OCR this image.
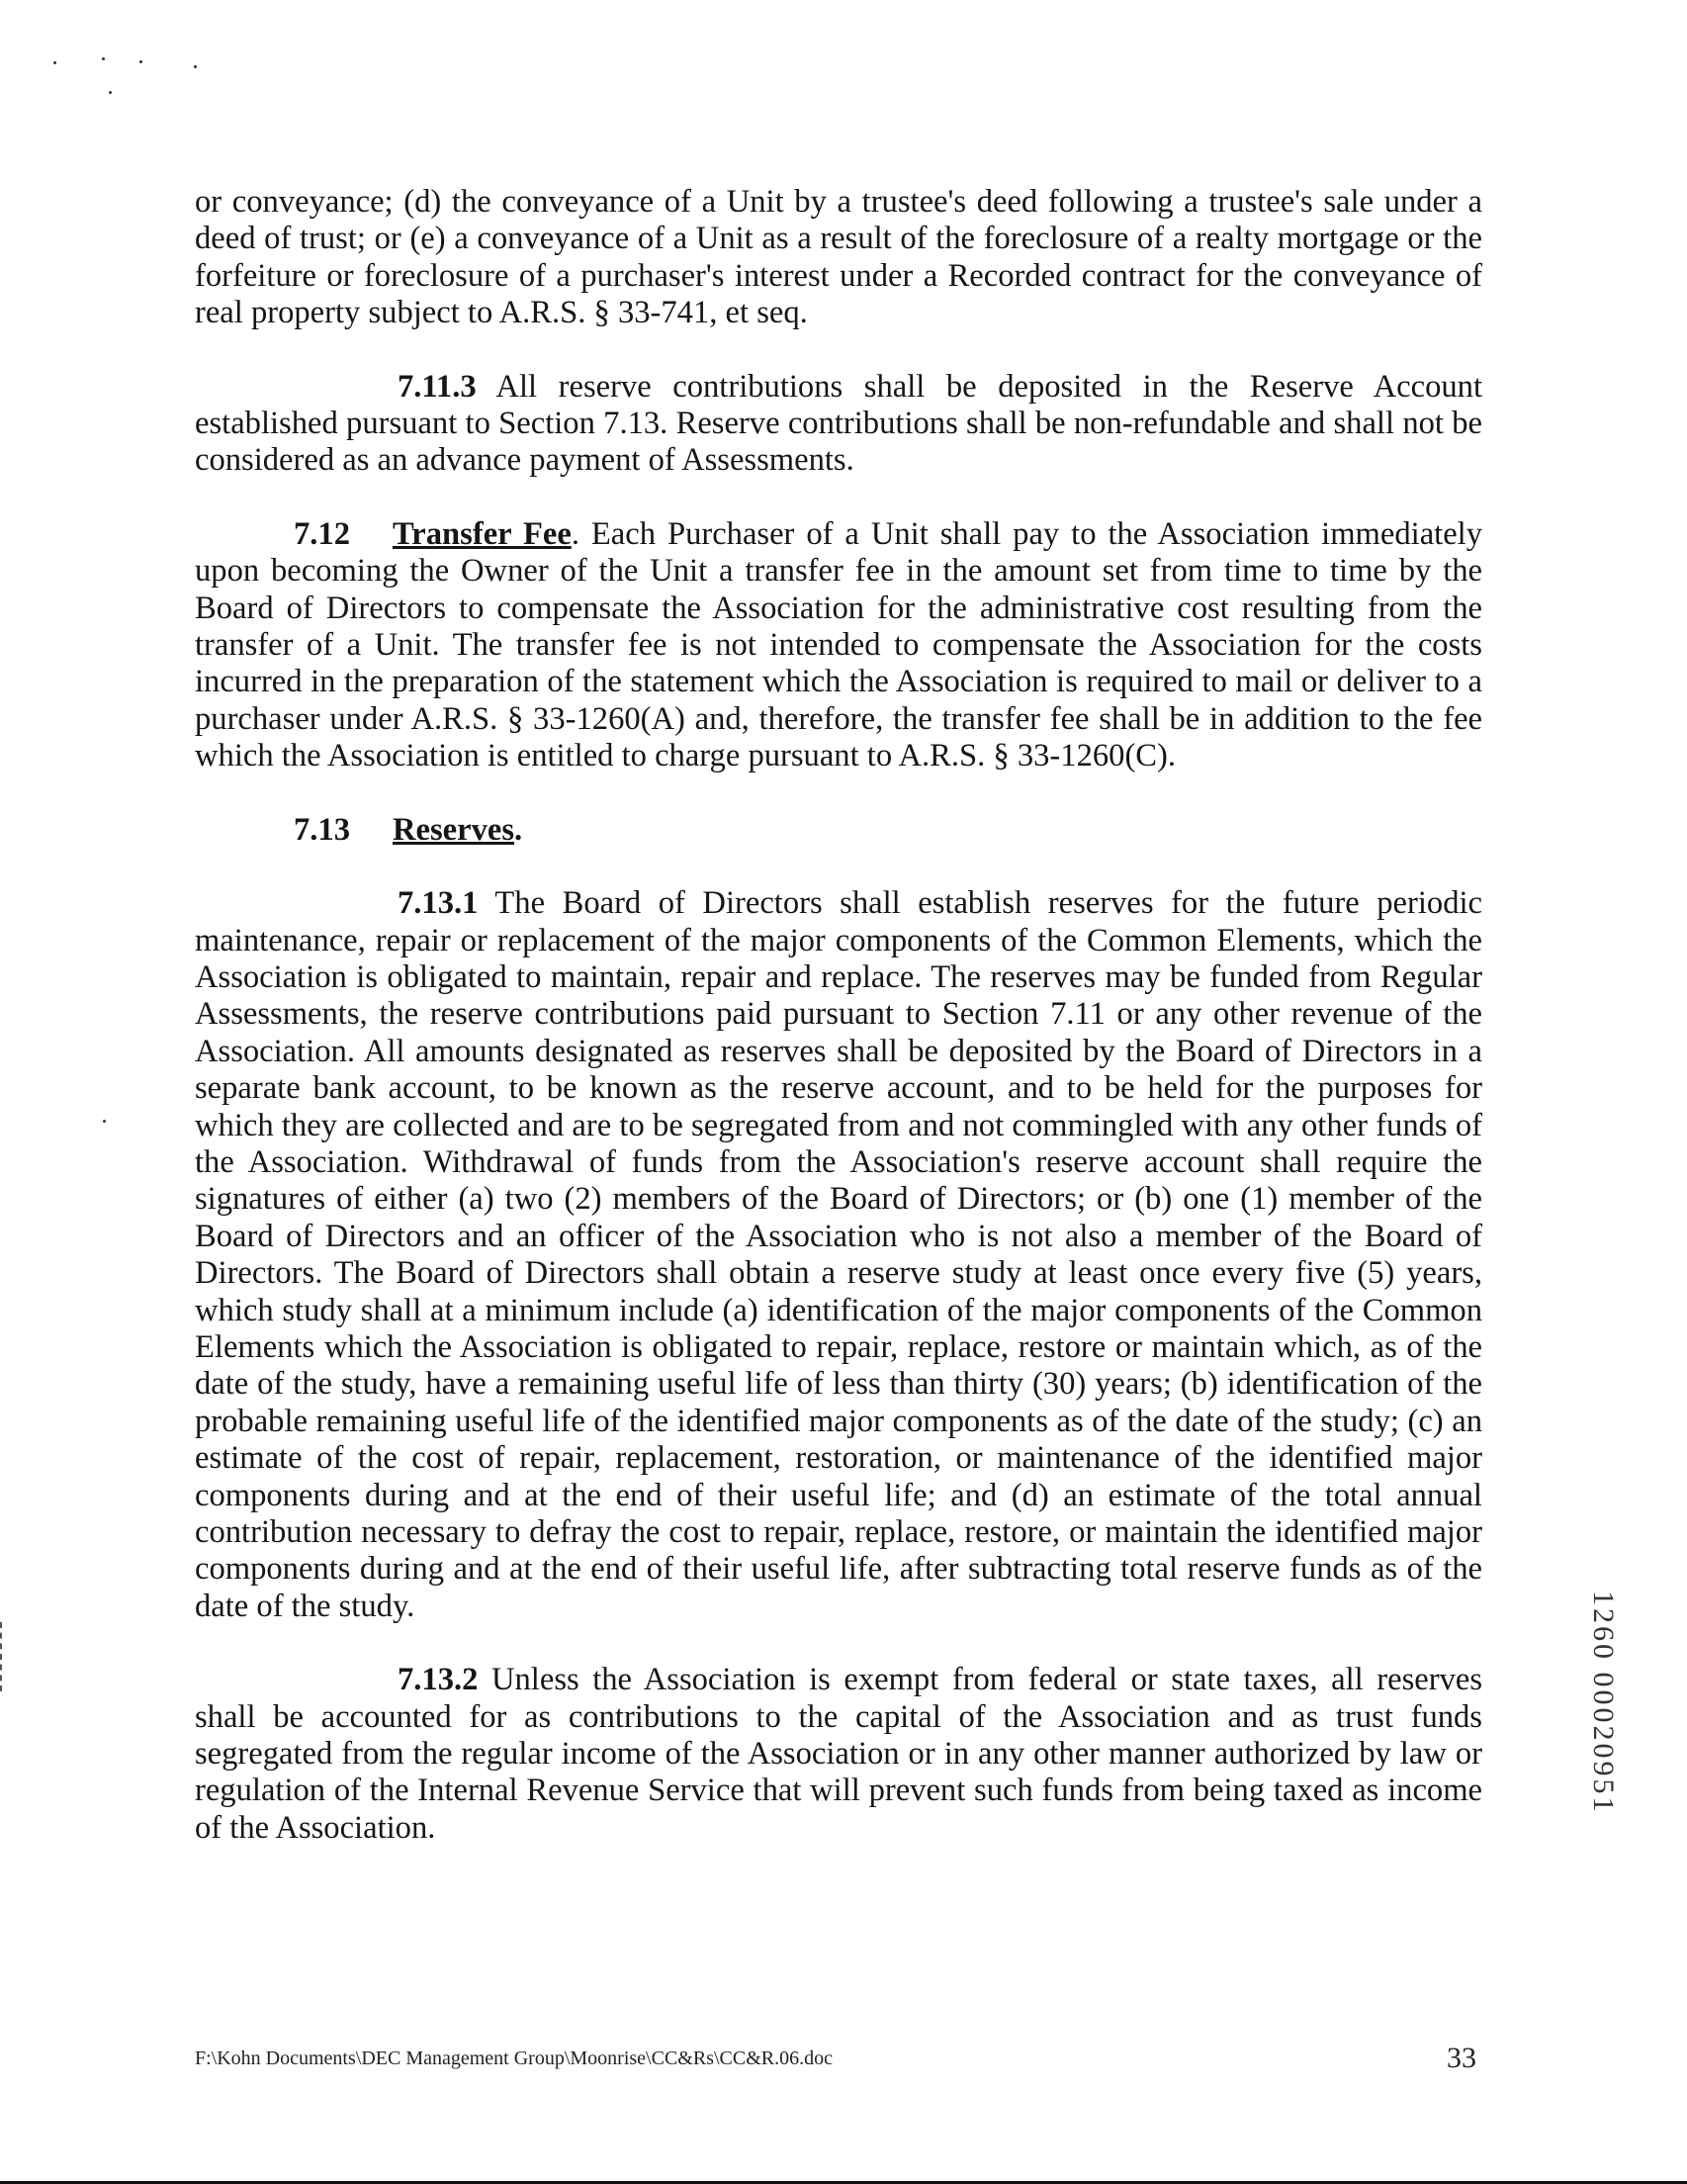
or conveyance; (d) the conveyance of a Unit by a trustee's deed following a trustee's sale under a deed of trust; or (e) a conveyance of a Unit as a result of the foreclosure of a realty mortgage or the forfeiture or foreclosure of a purchaser's interest under a Recorded contract for the conveyance of real property subject to A.R.S. § 33-741, et seq.

7.11.3 All reserve contributions shall be deposited in the Reserve Account established pursuant to Section 7.13. Reserve contributions shall be non-refundable and shall not be considered as an advance payment of Assessments.

7.12 Transfer Fee. Each Purchaser of a Unit shall pay to the Association immediately upon becoming the Owner of the Unit a transfer fee in the amount set from time to time by the Board of Directors to compensate the Association for the administrative cost resulting from the transfer of a Unit. The transfer fee is not intended to compensate the Association for the costs incurred in the preparation of the statement which the Association is required to mail or deliver to a purchaser under A.R.S. § 33-1260(A) and, therefore, the transfer fee shall be in addition to the fee which the Association is entitled to charge pursuant to A.R.S. § 33-1260(C).

7.13 Reserves.

7.13.1 The Board of Directors shall establish reserves for the future periodic maintenance, repair or replacement of the major components of the Common Elements, which the Association is obligated to maintain, repair and replace. The reserves may be funded from Regular Assessments, the reserve contributions paid pursuant to Section 7.11 or any other revenue of the Association. All amounts designated as reserves shall be deposited by the Board of Directors in a separate bank account, to be known as the reserve account, and to be held for the purposes for which they are collected and are to be segregated from and not commingled with any other funds of the Association. Withdrawal of funds from the Association's reserve account shall require the signatures of either (a) two (2) members of the Board of Directors; or (b) one (1) member of the Board of Directors and an officer of the Association who is not also a member of the Board of Directors. The Board of Directors shall obtain a reserve study at least once every five (5) years, which study shall at a minimum include (a) identification of the major components of the Common Elements which the Association is obligated to repair, replace, restore or maintain which, as of the date of the study, have a remaining useful life of less than thirty (30) years; (b) identification of the probable remaining useful life of the identified major components as of the date of the study; (c) an estimate of the cost of repair, replacement, restoration, or maintenance of the identified major components during and at the end of their useful life; and (d) an estimate of the total annual contribution necessary to defray the cost to repair, replace, restore, or maintain the identified major components during and at the end of their useful life, after subtracting total reserve funds as of the date of the study.

7.13.2 Unless the Association is exempt from federal or state taxes, all reserves shall be accounted for as contributions to the capital of the Association and as trust funds segregated from the regular income of the Association or in any other manner authorized by law or regulation of the Internal Revenue Service that will prevent such funds from being taxed as income of the Association.

1260 00020951
F:\Kohn Documents\DEC Management Group\Moonrise\CC&Rs\CC&R.06.doc	33
